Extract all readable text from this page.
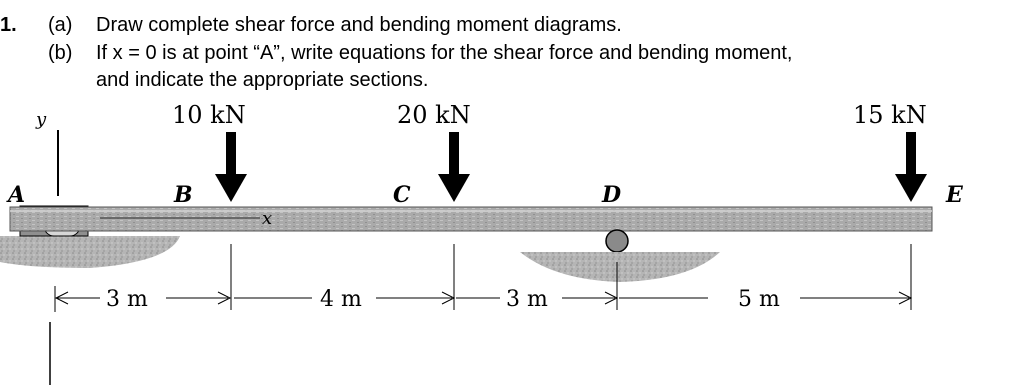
1. (a) Draw complete shear force and bending moment diagrams.
(b) If x = 0 is at point “A”, write equations for the shear force and bending moment,
and indicate the appropriate sections.
y
x
A	B	C	D	E
10 kN	20 kN	15 kN
3 m	4 m	3 m	5 m
